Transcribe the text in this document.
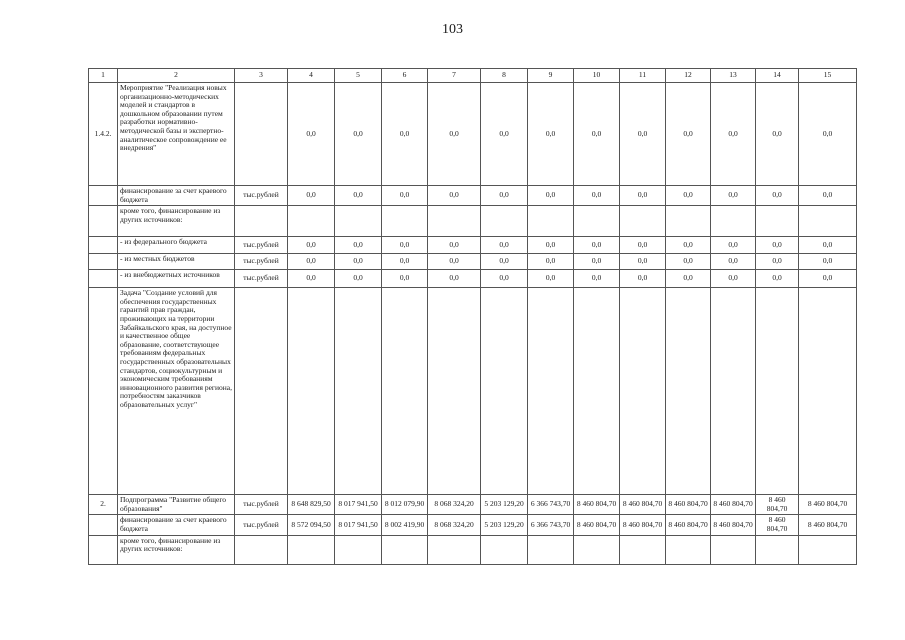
103
1	2	3	4	5	6	7	8	9	10	11	12	13	14	15
1.4.2.	Мероприятие "Реализация новых организационно-методических моделей и стандартов в дошкольном образовании путем разработки нормативно-методической базы и экспертно-аналитическое сопровождение ее внедрения"		0,0	0,0	0,0	0,0	0,0	0,0	0,0	0,0	0,0	0,0	0,0	0,0
	финансирование за счет краевого бюджета	тыс.рублей	0,0	0,0	0,0	0,0	0,0	0,0	0,0	0,0	0,0	0,0	0,0	0,0
	кроме того, финансирование из других источников:													
	- из федерального бюджета	тыс.рублей	0,0	0,0	0,0	0,0	0,0	0,0	0,0	0,0	0,0	0,0	0,0	0,0
	- из местных бюджетов	тыс.рублей	0,0	0,0	0,0	0,0	0,0	0,0	0,0	0,0	0,0	0,0	0,0	0,0
	- из внебюджетных источников	тыс.рублей	0,0	0,0	0,0	0,0	0,0	0,0	0,0	0,0	0,0	0,0	0,0	0,0
	Задача "Создание условий для обеспечения государственных гарантий прав граждан, проживающих на территории Забайкальского края, на доступное и качественное общее образование, соответствующее требованиям федеральных государственных образовательных стандартов, социокультурным и экономическим требованиям инновационного развития региона, потребностям заказчиков образовательных услуг"													
2.	Подпрограмма "Развитие общего образования"	тыс.рублей	8 648 829,50	8 017 941,50	8 012 079,90	8 068 324,20	5 203 129,20	6 366 743,70	8 460 804,70	8 460 804,70	8 460 804,70	8 460 804,70	8 460 804,70	8 460 804,70
	финансирование за счет краевого бюджета	тыс.рублей	8 572 094,50	8 017 941,50	8 002 419,90	8 068 324,20	5 203 129,20	6 366 743,70	8 460 804,70	8 460 804,70	8 460 804,70	8 460 804,70	8 460 804,70	8 460 804,70
	кроме того, финансирование из других источников:													
